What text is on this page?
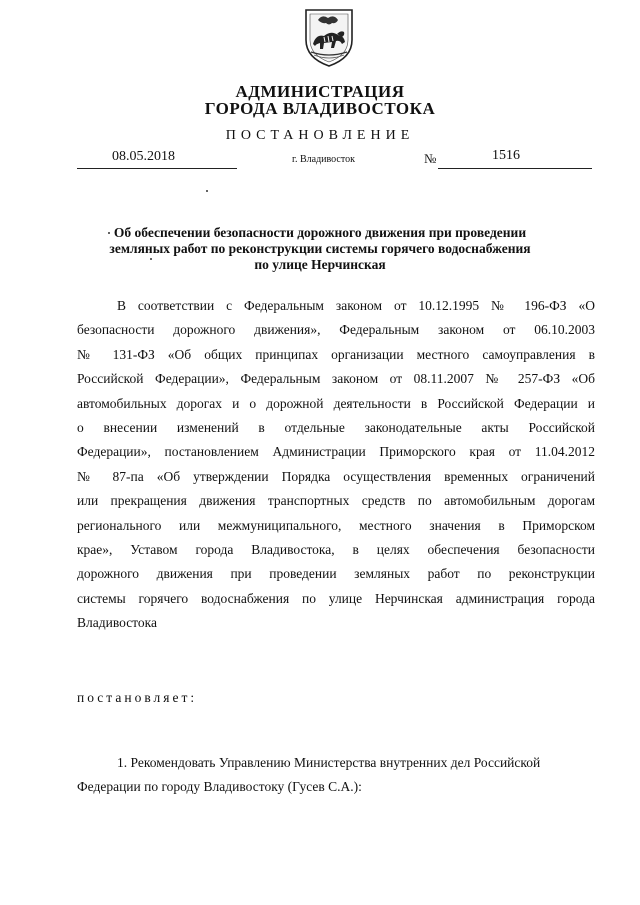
АДМИНИСТРАЦИЯ
ГОРОДА ВЛАДИВОСТОКА
ПОСТАНОВЛЕНИЕ
08.05.2018	г. Владивосток	№	1516
Об обеспечении безопасности дорожного движения при проведении
земляных работ по реконструкции системы горячего водоснабжения
по улице Нерчинская
В соответствии с Федеральным законом от 10.12.1995 № 196-ФЗ «О
безопасности дорожного движения», Федеральным законом от 06.10.2003
№ 131-ФЗ «Об общих принципах организации местного самоуправления в
Российской Федерации», Федеральным законом от 08.11.2007 № 257-ФЗ «Об
автомобильных дорогах и о дорожной деятельности в Российской Федерации и
о внесении изменений в отдельные законодательные акты Российской
Федерации», постановлением Администрации Приморского края от 11.04.2012
№ 87-па «Об утверждении Порядка осуществления временных ограничений
или прекращения движения транспортных средств по автомобильным дорогам
регионального или межмуниципального, местного значения в Приморском
крае», Уставом города Владивостока, в целях обеспечения безопасности
дорожного движения при проведении земляных работ по реконструкции
системы горячего водоснабжения по улице Нерчинская администрация города
Владивостока
постановляет:
1. Рекомендовать Управлению Министерства внутренних дел Российской
Федерации по городу Владивостоку (Гусев С.А.):
